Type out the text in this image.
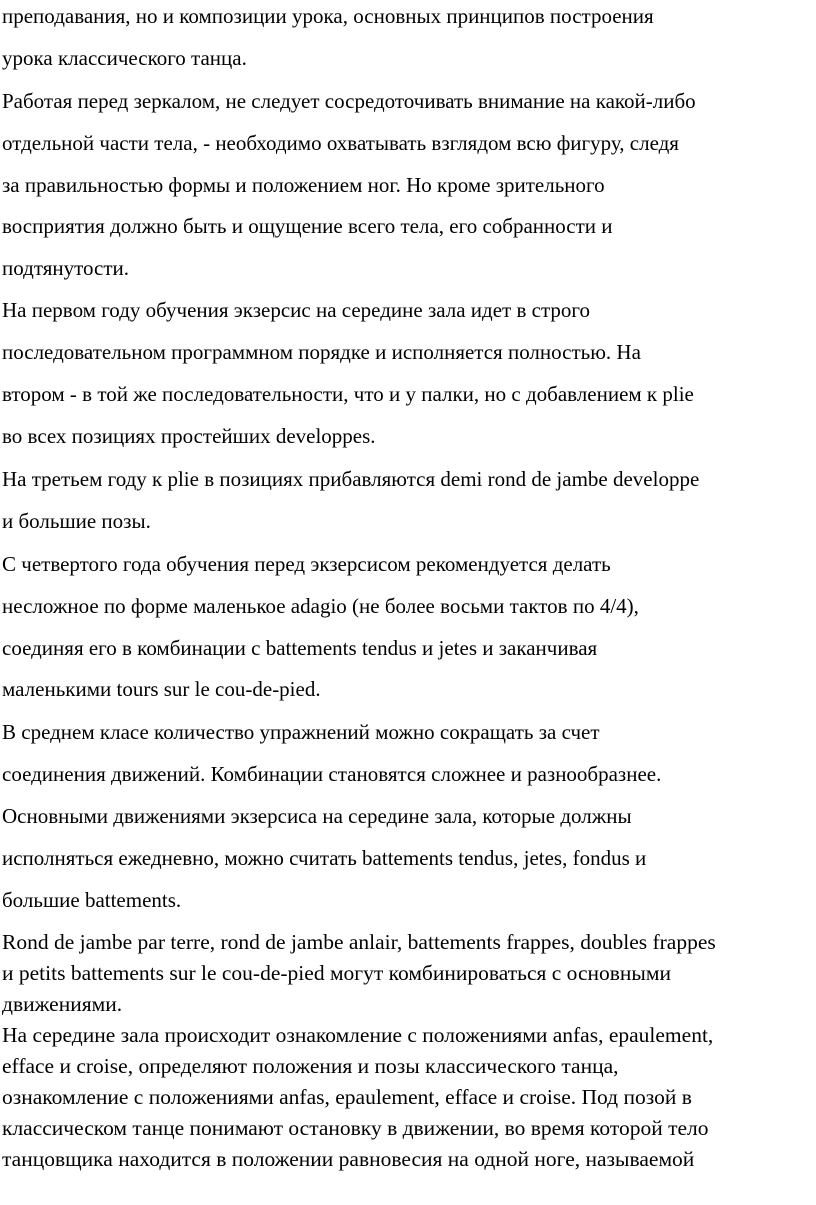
преподавания, но и композиции урока, основных принципов построения
урока классического танца.
Работая перед зеркалом, не следует сосредоточивать внимание на какой-либо
отдельной части тела, - необходимо охватывать взглядом всю фигуру, следя
за правильностью формы и положением ног. Но кроме зрительного
восприятия должно быть и ощущение всего тела, его собранности и
подтянутости.
На первом году обучения экзерсис на середине зала идет в строго
последовательном программном порядке и исполняется полностью. На
втором - в той же последовательности, что и у палки, но с добавлением к plie
во всех позициях простейших developpes.
На третьем году к plie в позициях прибавляются demi rond de jambe developpe
и большие позы.
С четвертого года обучения перед экзерсисом рекомендуется делать
несложное по форме маленькое adagio (не более восьми тактов по 4/4),
соединяя его в комбинации с battements tendus и jetes и заканчивая
маленькими tours sur le cou-de-pied.
В среднем класе количество упражнений можно сокращать за счет
соединения движений. Комбинации становятся сложнее и разнообразнее.
Основными движениями экзерсиса на середине зала, которые должны
исполняться ежедневно, можно считать battements tendus, jetes, fondus и
большие battements.
Rond de jambe par terre, rond de jambe anlair, battements frappes, doubles frappes
и petits battements sur le cou-de-pied могут комбинироваться с основными
движениями.
На середине зала происходит ознакомление с положениями anfas, epaulement,
efface и croise, определяют положения и позы классического танца,
ознакомление с положениями anfas, epaulement, efface и croise. Под позой в
классическом танце понимают остановку в движении, во время которой тело
танцовщика находится в положении равновесия на одной ноге, называемой
